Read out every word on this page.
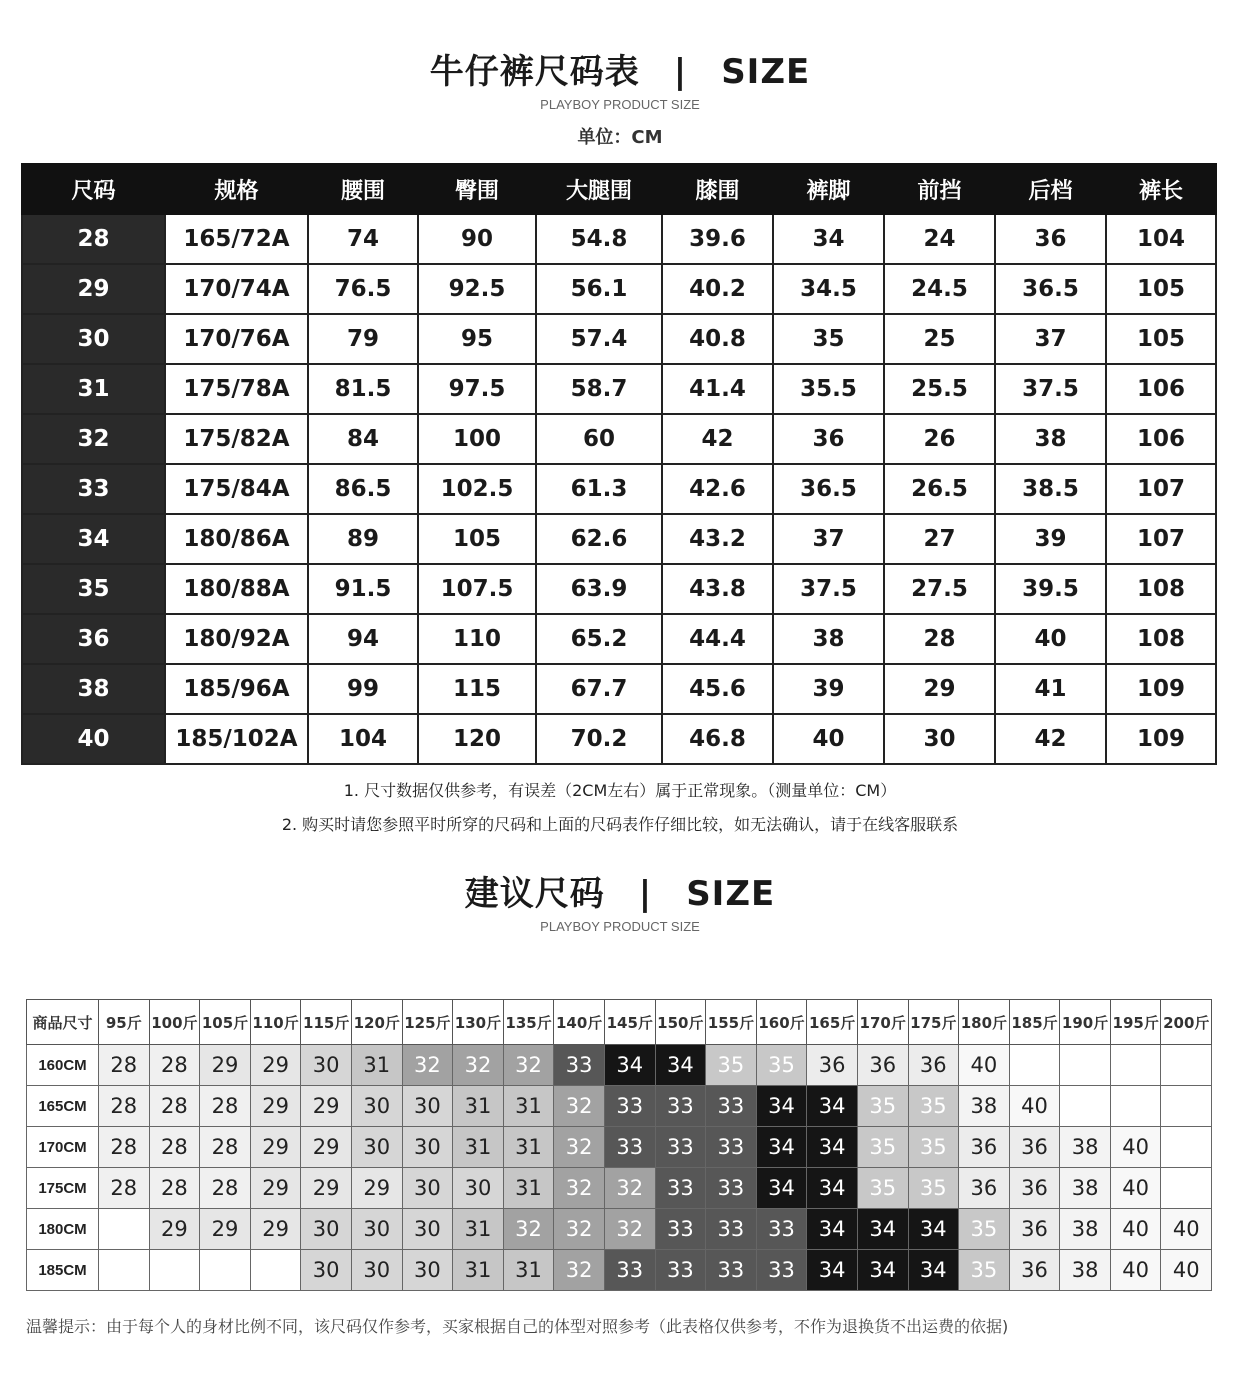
牛仔裤尺码表 | SIZE
PLAYBOY PRODUCT SIZE
单位：CM
尺码	规格	腰围	臀围	大腿围	膝围	裤脚	前挡	后档	裤长
28	165/72A	74	90	54.8	39.6	34	24	36	104
29	170/74A	76.5	92.5	56.1	40.2	34.5	24.5	36.5	105
30	170/76A	79	95	57.4	40.8	35	25	37	105
31	175/78A	81.5	97.5	58.7	41.4	35.5	25.5	37.5	106
32	175/82A	84	100	60	42	36	26	38	106
33	175/84A	86.5	102.5	61.3	42.6	36.5	26.5	38.5	107
34	180/86A	89	105	62.6	43.2	37	27	39	107
35	180/88A	91.5	107.5	63.9	43.8	37.5	27.5	39.5	108
36	180/92A	94	110	65.2	44.4	38	28	40	108
38	185/96A	99	115	67.7	45.6	39	29	41	109
40	185/102A	104	120	70.2	46.8	40	30	42	109
1. 尺寸数据仅供参考，有误差（2CM左右）属于正常现象。（测量单位：CM）
2. 购买时请您参照平时所穿的尺码和上面的尺码表作仔细比较，如无法确认，请于在线客服联系
建议尺码 | SIZE
PLAYBOY PRODUCT SIZE
商品尺寸	95斤	100斤	105斤	110斤	115斤	120斤	125斤	130斤	135斤	140斤	145斤	150斤	155斤	160斤	165斤	170斤	175斤	180斤	185斤	190斤	195斤	200斤
160CM	28	28	29	29	30	31	32	32	32	33	34	34	35	35	36	36	36	40				
165CM	28	28	28	29	29	30	30	31	31	32	33	33	33	34	34	35	35	38	40			
170CM	28	28	28	29	29	30	30	31	31	32	33	33	33	34	34	35	35	36	36	38	40	
175CM	28	28	28	29	29	29	30	30	31	32	32	33	33	34	34	35	35	36	36	38	40	
180CM		29	29	29	30	30	30	31	32	32	32	33	33	33	34	34	34	35	36	38	40	40
185CM					30	30	30	31	31	32	33	33	33	33	34	34	34	35	36	38	40	40
温馨提示：由于每个人的身材比例不同，该尺码仅作参考，买家根据自己的体型对照参考（此表格仅供参考，不作为退换货不出运费的依据)
